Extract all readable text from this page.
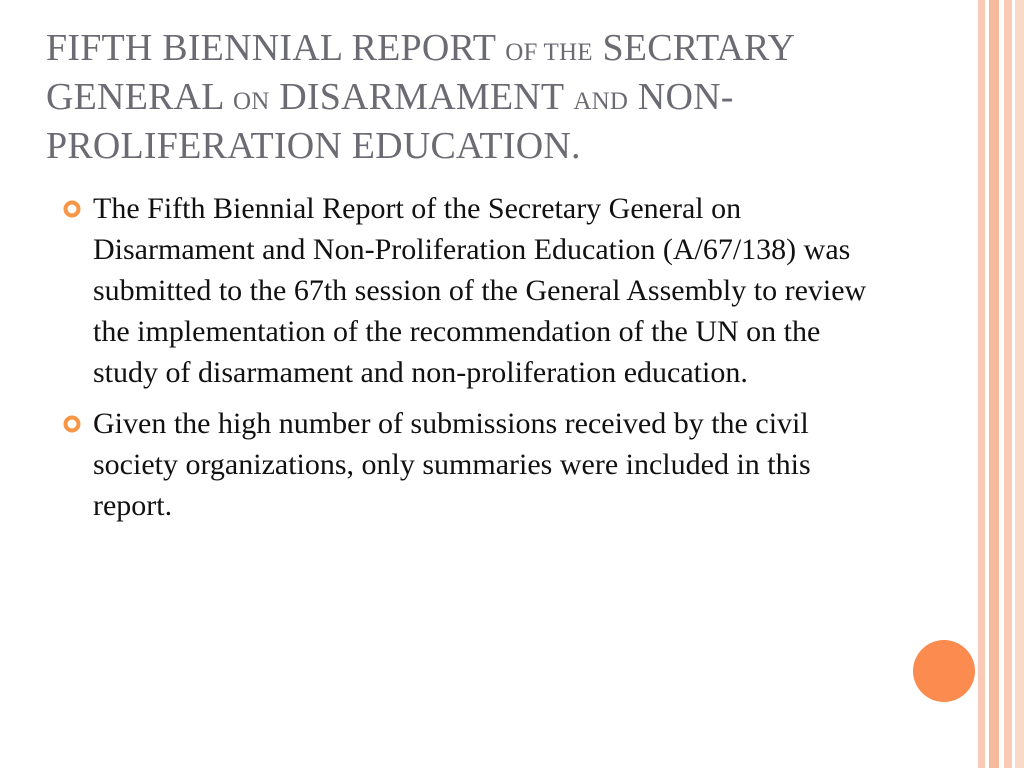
FIFTH BIENNIAL REPORT OF THE SECRTARY GENERAL ON DISARMAMENT AND NON-PROLIFERATION EDUCATION.
The Fifth Biennial Report of the Secretary General on Disarmament and Non-Proliferation Education (A/67/138) was submitted to the 67th session of the General Assembly to review the implementation of the recommendation of the UN on the study of disarmament and non-proliferation education.
Given the high number of submissions received by the civil society organizations, only summaries were included in this report.
